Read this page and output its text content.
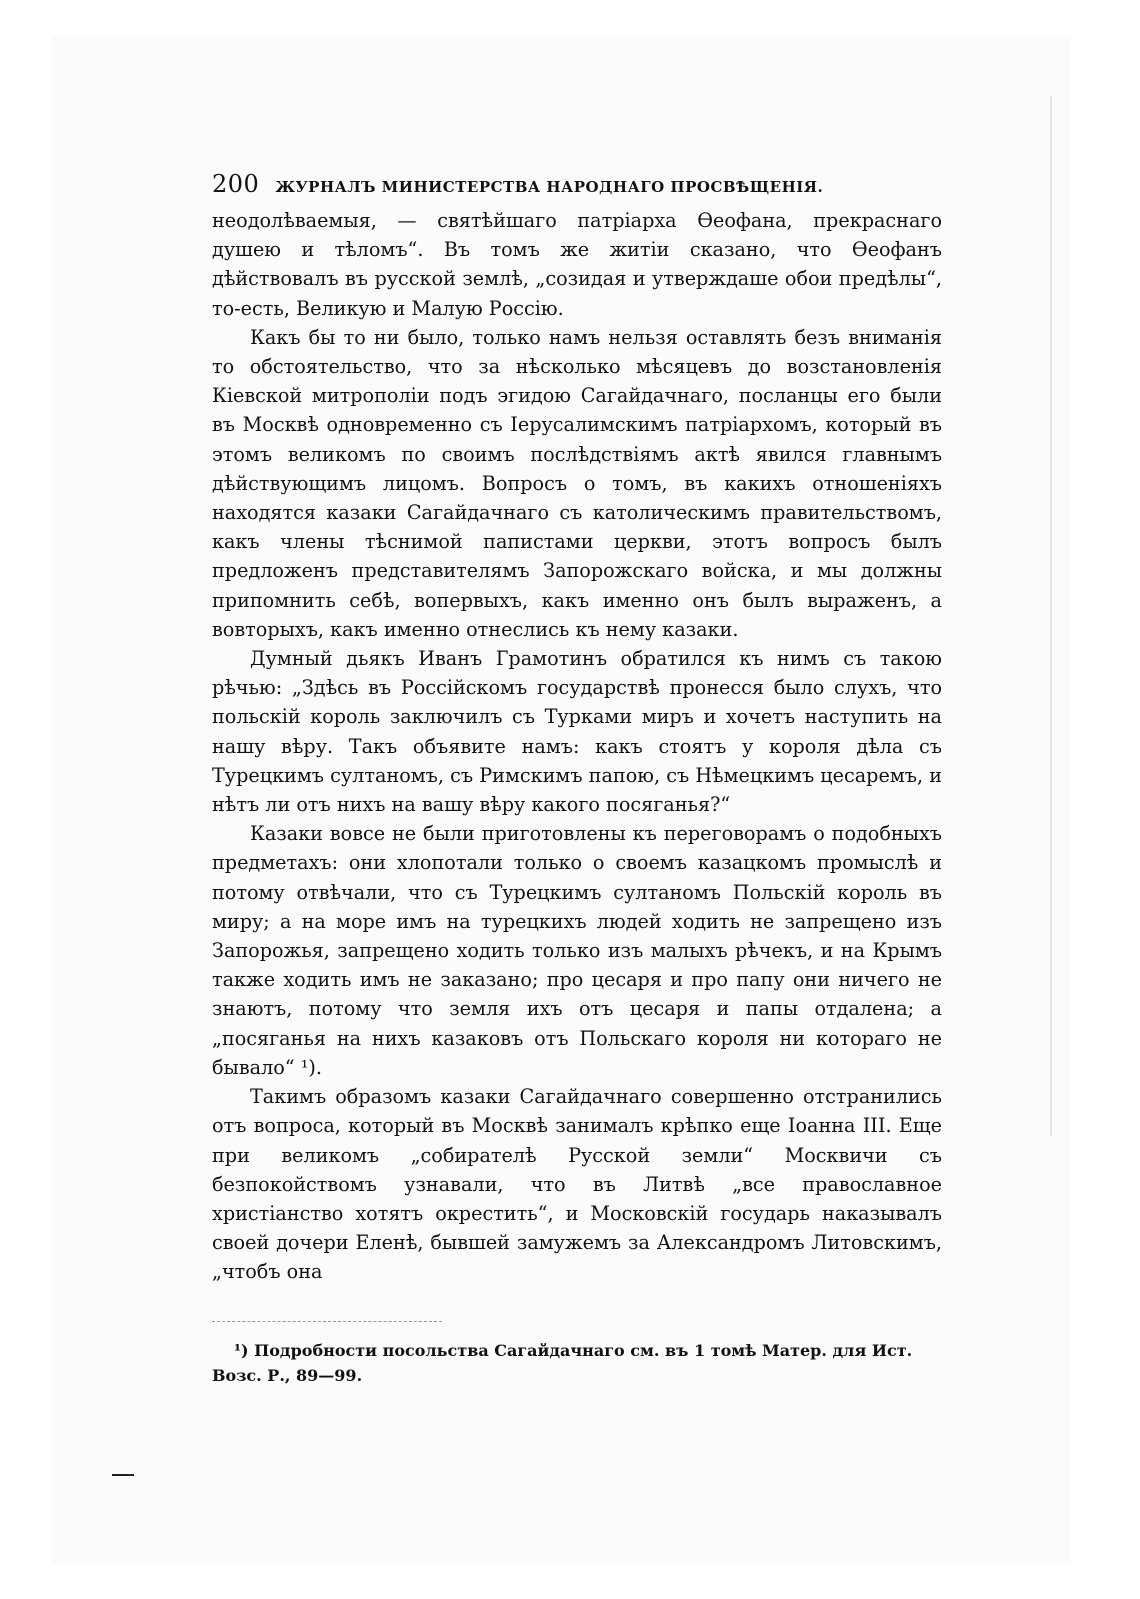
200 ЖУРНАЛЪ МИНИСТЕРСТВА НАРОДНАГО ПРОСВѢЩЕНІЯ.

неодолѣваемыя, — святѣйшаго патріарха Ѳеофана, прекраснаго душею и тѣломъ“. Въ томъ же житіи сказано, что Ѳеофанъ дѣйствовалъ въ русской землѣ, „созидая и утверждаше обои предѣлы“, то-есть, Великую и Малую Россію.

Какъ бы то ни было, только намъ нельзя оставлять безъ вниманія то обстоятельство, что за нѣсколько мѣсяцевъ до возстановленія Кіевской митрополіи подъ эгидою Сагайдачнаго, посланцы его были въ Москвѣ одновременно съ Іерусалимскимъ патріархомъ, который въ этомъ великомъ по своимъ послѣдствіямъ актѣ явился главнымъ дѣйствующимъ лицомъ. Вопросъ о томъ, въ какихъ отношеніяхъ находятся казаки Сагайдачнаго съ католическимъ правительствомъ, какъ члены тѣснимой папистами церкви, этотъ вопросъ былъ предложенъ представителямъ Запорожскаго войска, и мы должны припомнить себѣ, вопервыхъ, какъ именно онъ былъ выраженъ, а вовторыхъ, какъ именно отнеслись къ нему казаки.

Думный дьякъ Иванъ Грамотинъ обратился къ нимъ съ такою рѣчью: „Здѣсь въ Россійскомъ государствѣ пронесся было слухъ, что польскій король заключилъ съ Турками миръ и хочетъ наступить на нашу вѣру. Такъ объявите намъ: какъ стоятъ у короля дѣла съ Турецкимъ султаномъ, съ Римскимъ папою, съ Нѣмецкимъ цесаремъ, и нѣтъ ли отъ нихъ на вашу вѣру какого посяганья?“

Казаки вовсе не были приготовлены къ переговорамъ о подобныхъ предметахъ: они хлопотали только о своемъ казацкомъ промыслѣ и потому отвѣчали, что съ Турецкимъ султаномъ Польскій король въ миру; а на море имъ на турецкихъ людей ходить не запрещено изъ Запорожья, запрещено ходить только изъ малыхъ рѣчекъ, и на Крымъ также ходить имъ не заказано; про цесаря и про папу они ничего не знаютъ, потому что земля ихъ отъ цесаря и папы отдалена; а „посяганья на нихъ казаковъ отъ Польскаго короля ни котораго не бывало“ ¹).

Такимъ образомъ казаки Сагайдачнаго совершенно отстранились отъ вопроса, который въ Москвѣ занималъ крѣпко еще Іоанна III. Еще при великомъ „собирателѣ Русской земли“ Москвичи съ безпокойствомъ узнавали, что въ Литвѣ „все православное христіанство хотятъ окрестить“, и Московскій государь наказывалъ своей дочери Еленѣ, бывшей замужемъ за Александромъ Литовскимъ, „чтобъ она

¹) Подробности посольства Сагайдачнаго см. въ 1 томѣ Матер. для Ист. Возс. Р., 89—99.
